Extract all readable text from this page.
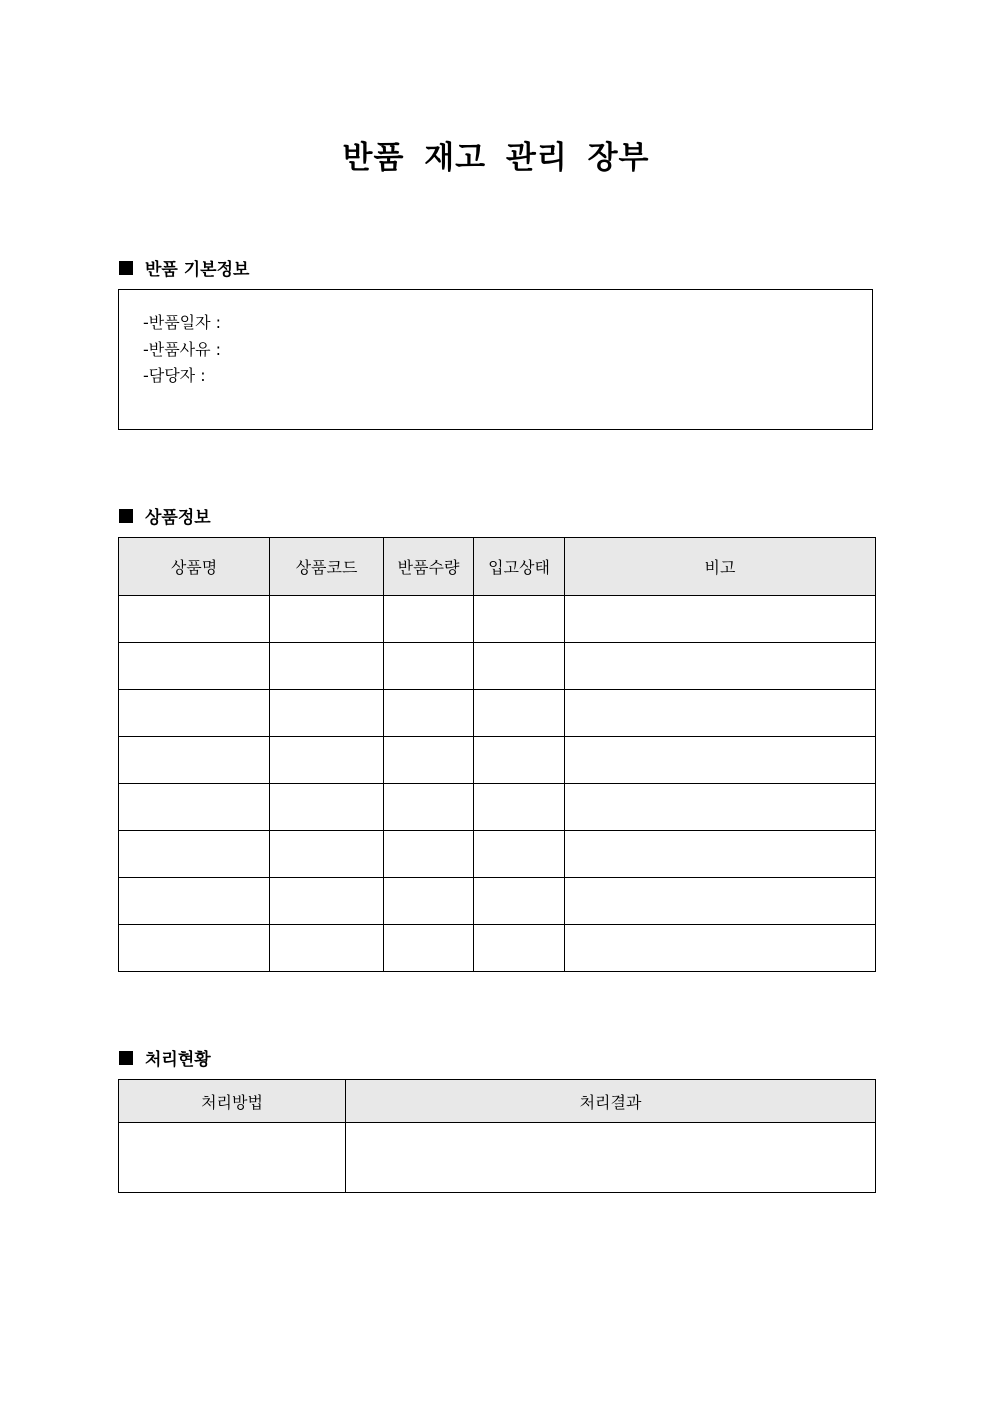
반품 재고 관리 장부
반품 기본정보
-반품일자 :
-반품사유 :
-담당자 :
상품정보
상품명	상품코드	반품수량	입고상태	비고

처리현황
처리방법	처리결과
